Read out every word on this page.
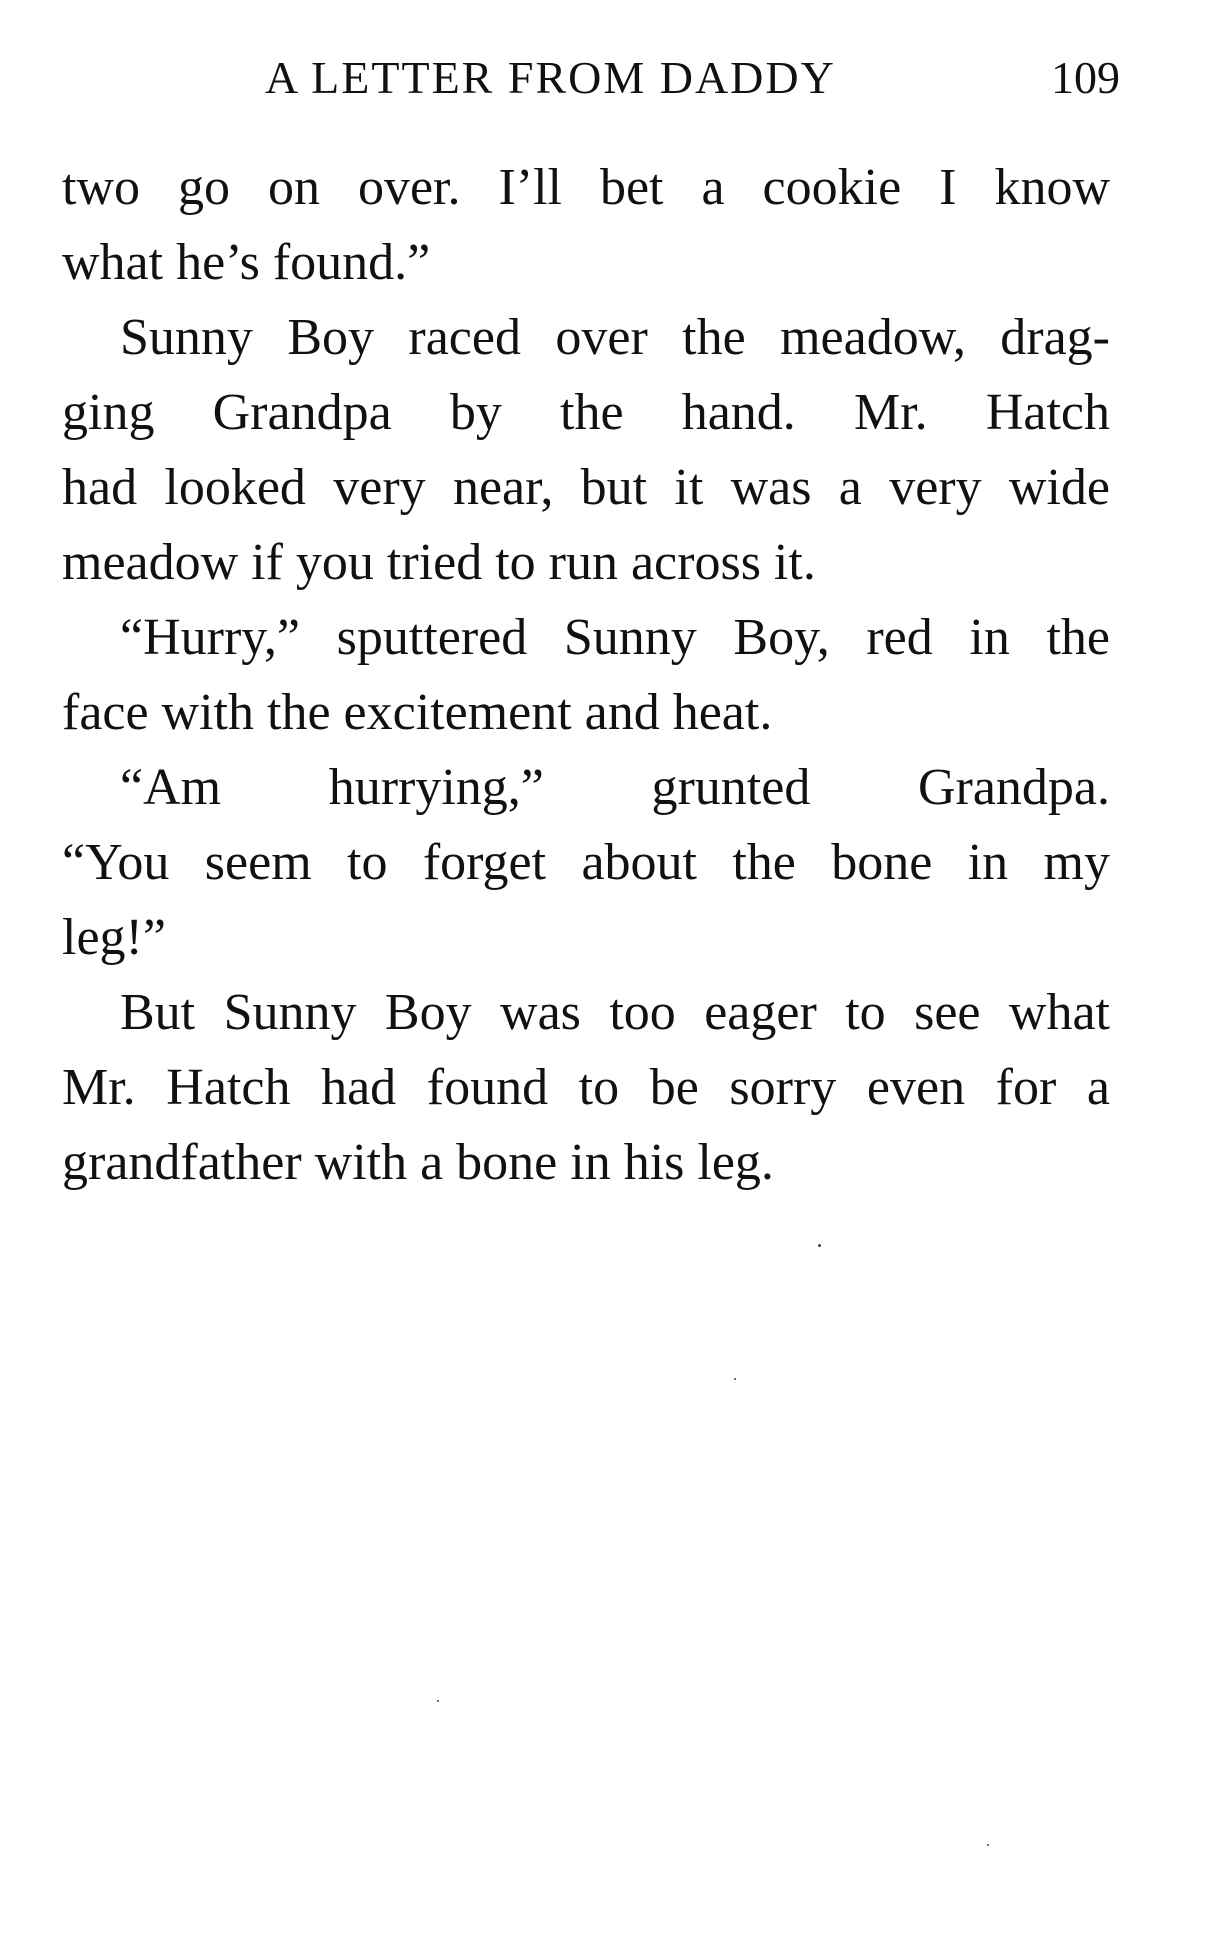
A LETTER FROM DADDY	109
two go on over. I’ll bet a cookie I know
what he’s found.”
Sunny Boy raced over the meadow, drag-
ging Grandpa by the hand. Mr. Hatch
had looked very near, but it was a very wide
meadow if you tried to run across it.
“Hurry,” sputtered Sunny Boy, red in the
face with the excitement and heat.
“Am hurrying,” grunted Grandpa.
“You seem to forget about the bone in my
leg!”
But Sunny Boy was too eager to see what
Mr. Hatch had found to be sorry even for a
grandfather with a bone in his leg.
